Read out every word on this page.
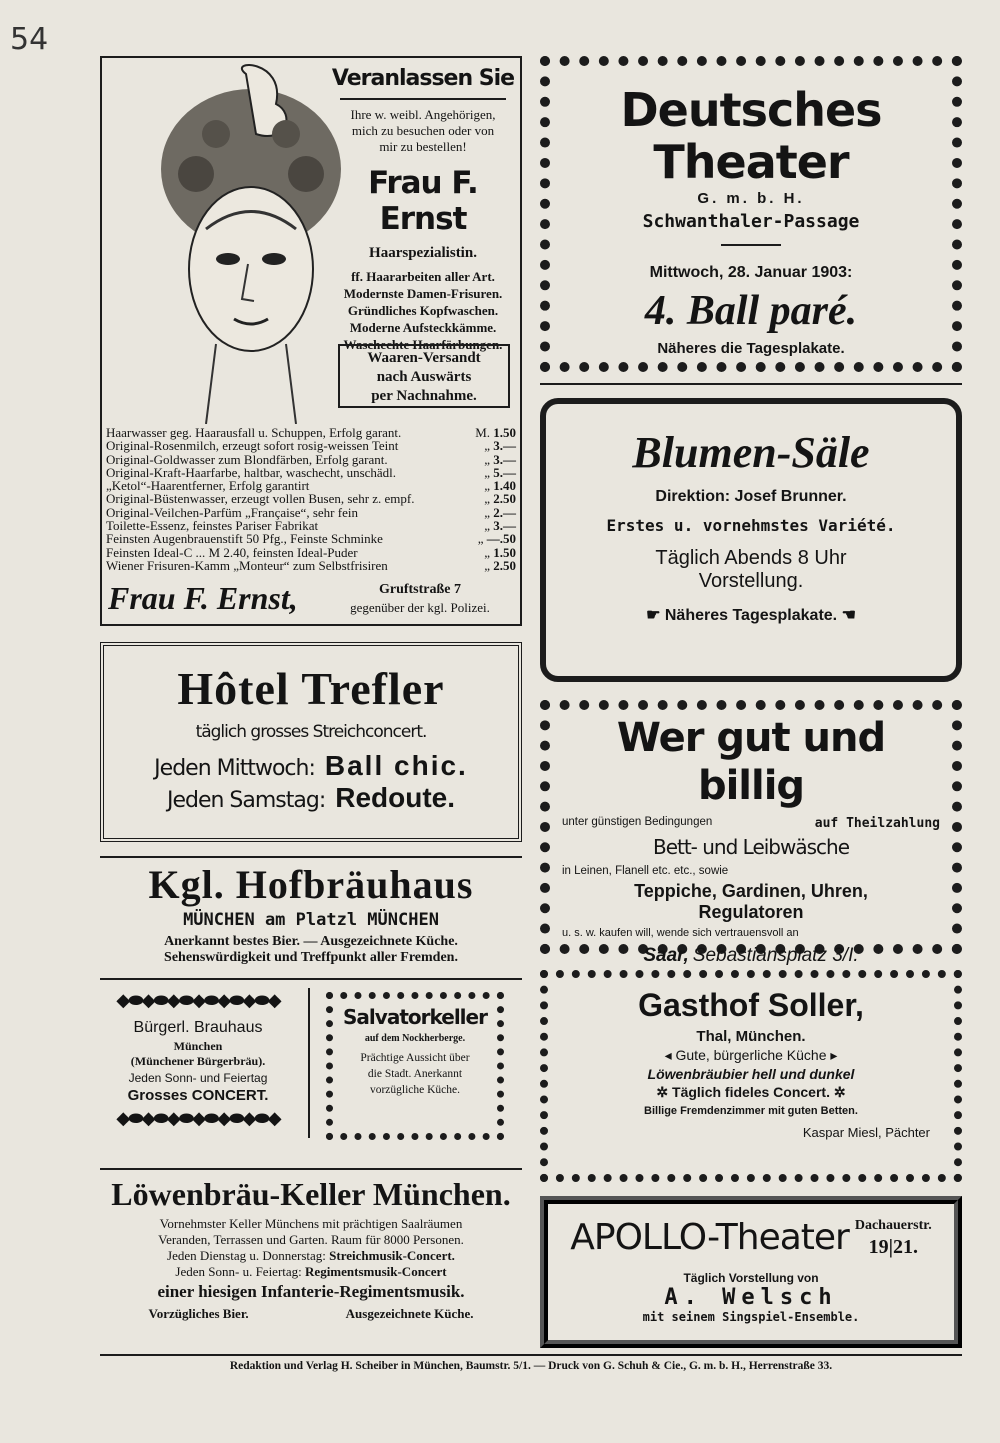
54
Veranlassen Sie
Ihre w. weibl. Angehörigen,
mich zu besuchen oder von
mir zu bestellen!
Frau F. Ernst
Haarspezialistin.
ff. Haararbeiten aller Art.
Modernste Damen-Frisuren.
Gründliches Kopfwaschen.
Moderne Aufsteckkämme.
Waschechte Haarfärbungen.
Waaren-Versandt
nach Auswärts
per Nachnahme.
Haarwasser geg. Haarausfall u. Schuppen, Erfolg garant.	M. 1.50
Original-Rosenmilch, erzeugt sofort rosig-weissen Teint	„ 3.—
Original-Goldwasser zum Blondfärben, Erfolg garant.	„ 3.—
Original-Kraft-Haarfarbe, haltbar, waschecht, unschädl.	„ 5.—
„Ketol“-Haarentferner, Erfolg garantirt	„ 1.40
Original-Büstenwasser, erzeugt vollen Busen, sehr z. empf.	„ 2.50
Original-Veilchen-Parfüm „Française“, sehr fein	„ 2.—
Toilette-Essenz, feinstes Pariser Fabrikat	„ 3.—
Feinsten Augenbrauenstift 50 Pfg., Feinste Schminke	„ —.50
Feinsten Ideal-C ... M 2.40, feinsten Ideal-Puder	„ 1.50
Wiener Frisuren-Kamm „Monteur“ zum Selbstfrisiren	„ 2.50
Frau F. Ernst,	Gruftstraße 7
gegenüber der kgl. Polizei.
Deutsches Theater
G. m. b. H.
Schwanthaler-Passage
Mittwoch, 28. Januar 1903:
4. Ball paré.
Näheres die Tagesplakate.
Blumen-Säle
Direktion: Josef Brunner.
Erstes u. vornehmstes Variété.
Täglich Abends 8 Uhr
Vorstellung.
☛ Näheres Tagesplakate. ☚
Hôtel Trefler
täglich grosses Streichconcert.
Jeden Mittwoch: Ball chic.
Jeden Samstag: Redoute.
Wer gut und billig
unter günstigen Bedingungen	auf Theilzahlung
Bett- und Leibwäsche
in Leinen, Flanell etc. etc., sowie
Teppiche, Gardinen, Uhren,
Regulatoren
u. s. w. kaufen will, wende sich vertrauensvoll an
Saar, Sebastiansplatz 3/I.
Kgl. Hofbräuhaus
MÜNCHEN am Platzl MÜNCHEN
Anerkannt bestes Bier. — Ausgezeichnete Küche.
Sehenswürdigkeit und Treffpunkt aller Fremden.
◆⬬◆⬬◆⬬◆⬬◆⬬◆⬬◆
Bürgerl. Brauhaus
München
(Münchener Bürgerbräu).
Jeden Sonn- und Feiertag
Grosses CONCERT.
◆⬬◆⬬◆⬬◆⬬◆⬬◆⬬◆
Salvatorkeller
auf dem Nockherberge.
Prächtige Aussicht über
die Stadt. Anerkannt
vorzügliche Küche.
Gasthof Soller,
Thal, München.
◂ Gute, bürgerliche Küche ▸
Löwenbräubier hell und dunkel
✲ Täglich fideles Concert. ✲
Billige Fremdenzimmer mit guten Betten.
Kaspar Miesl, Pächter
Löwenbräu-Keller München.
Vornehmster Keller Münchens mit prächtigen Saalräumen
Veranden, Terrassen und Garten. Raum für 8000 Personen.
Jeden Dienstag u. Donnerstag: Streichmusik-Concert.
Jeden Sonn- u. Feiertag: Regimentsmusik-Concert
einer hiesigen Infanterie-Regimentsmusik.
Vorzügliches Bier.	Ausgezeichnete Küche.
APOLLO-Theater Dachauerstr.
19|21.
Täglich Vorstellung von
A. Welsch
mit seinem Singspiel-Ensemble.
Redaktion und Verlag H. Scheiber in München, Baumstr. 5/1. — Druck von G. Schuh & Cie., G. m. b. H., Herrenstraße 33.
